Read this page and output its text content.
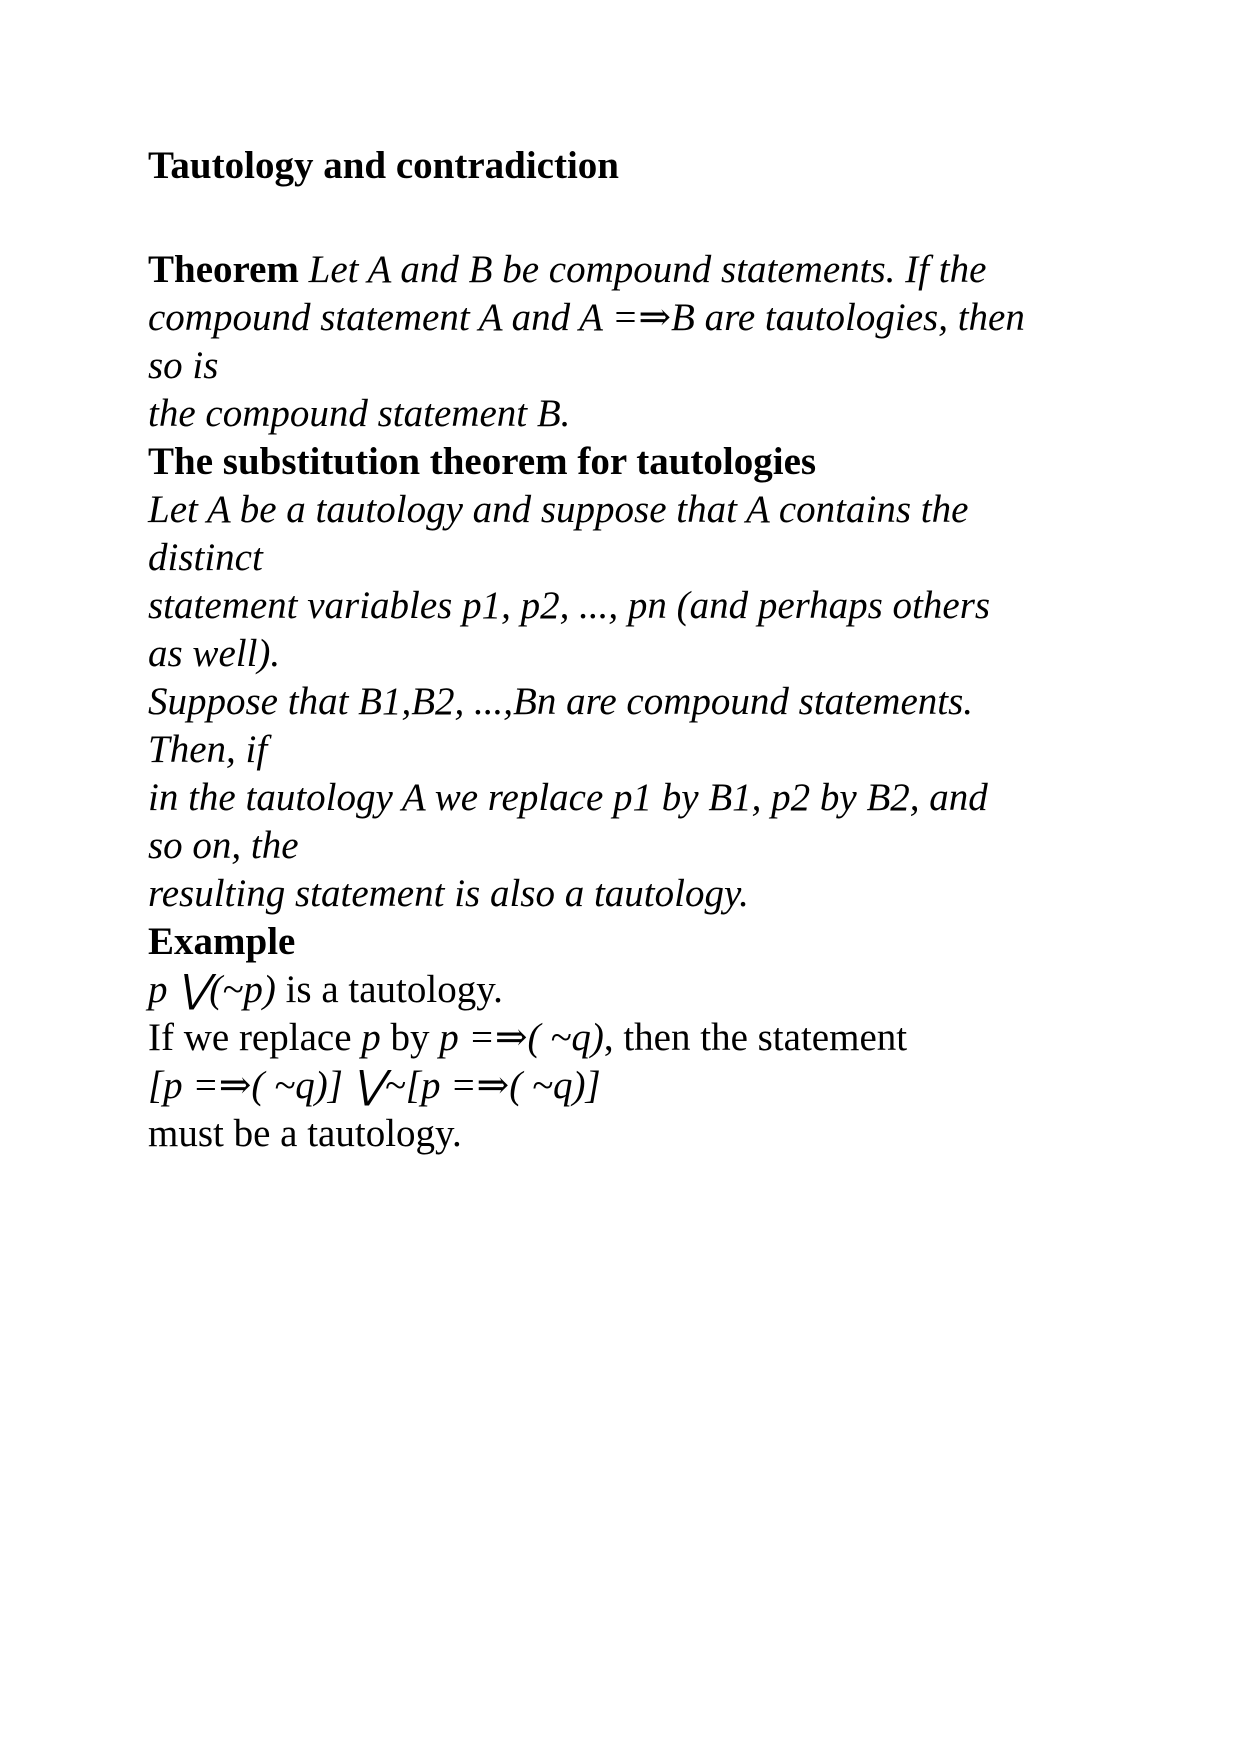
Tautology and contradiction
Theorem Let A and B be compound statements. If the
compound statement A and A =⇒B are tautologies, then
so is
the compound statement B.
The substitution theorem for tautologies
Let A be a tautology and suppose that A contains the
distinct
statement variables p1, p2, ..., pn (and perhaps others
as well).
Suppose that B1,B2, ...,Bn are compound statements.
Then, if
in the tautology A we replace p1 by B1, p2 by B2, and
so on, the
resulting statement is also a tautology.
Example
p ⋁(~p) is a tautology.
If we replace p by p =⇒( ~q), then the statement
[p =⇒( ~q)] ⋁~[p =⇒( ~q)]
must be a tautology.
